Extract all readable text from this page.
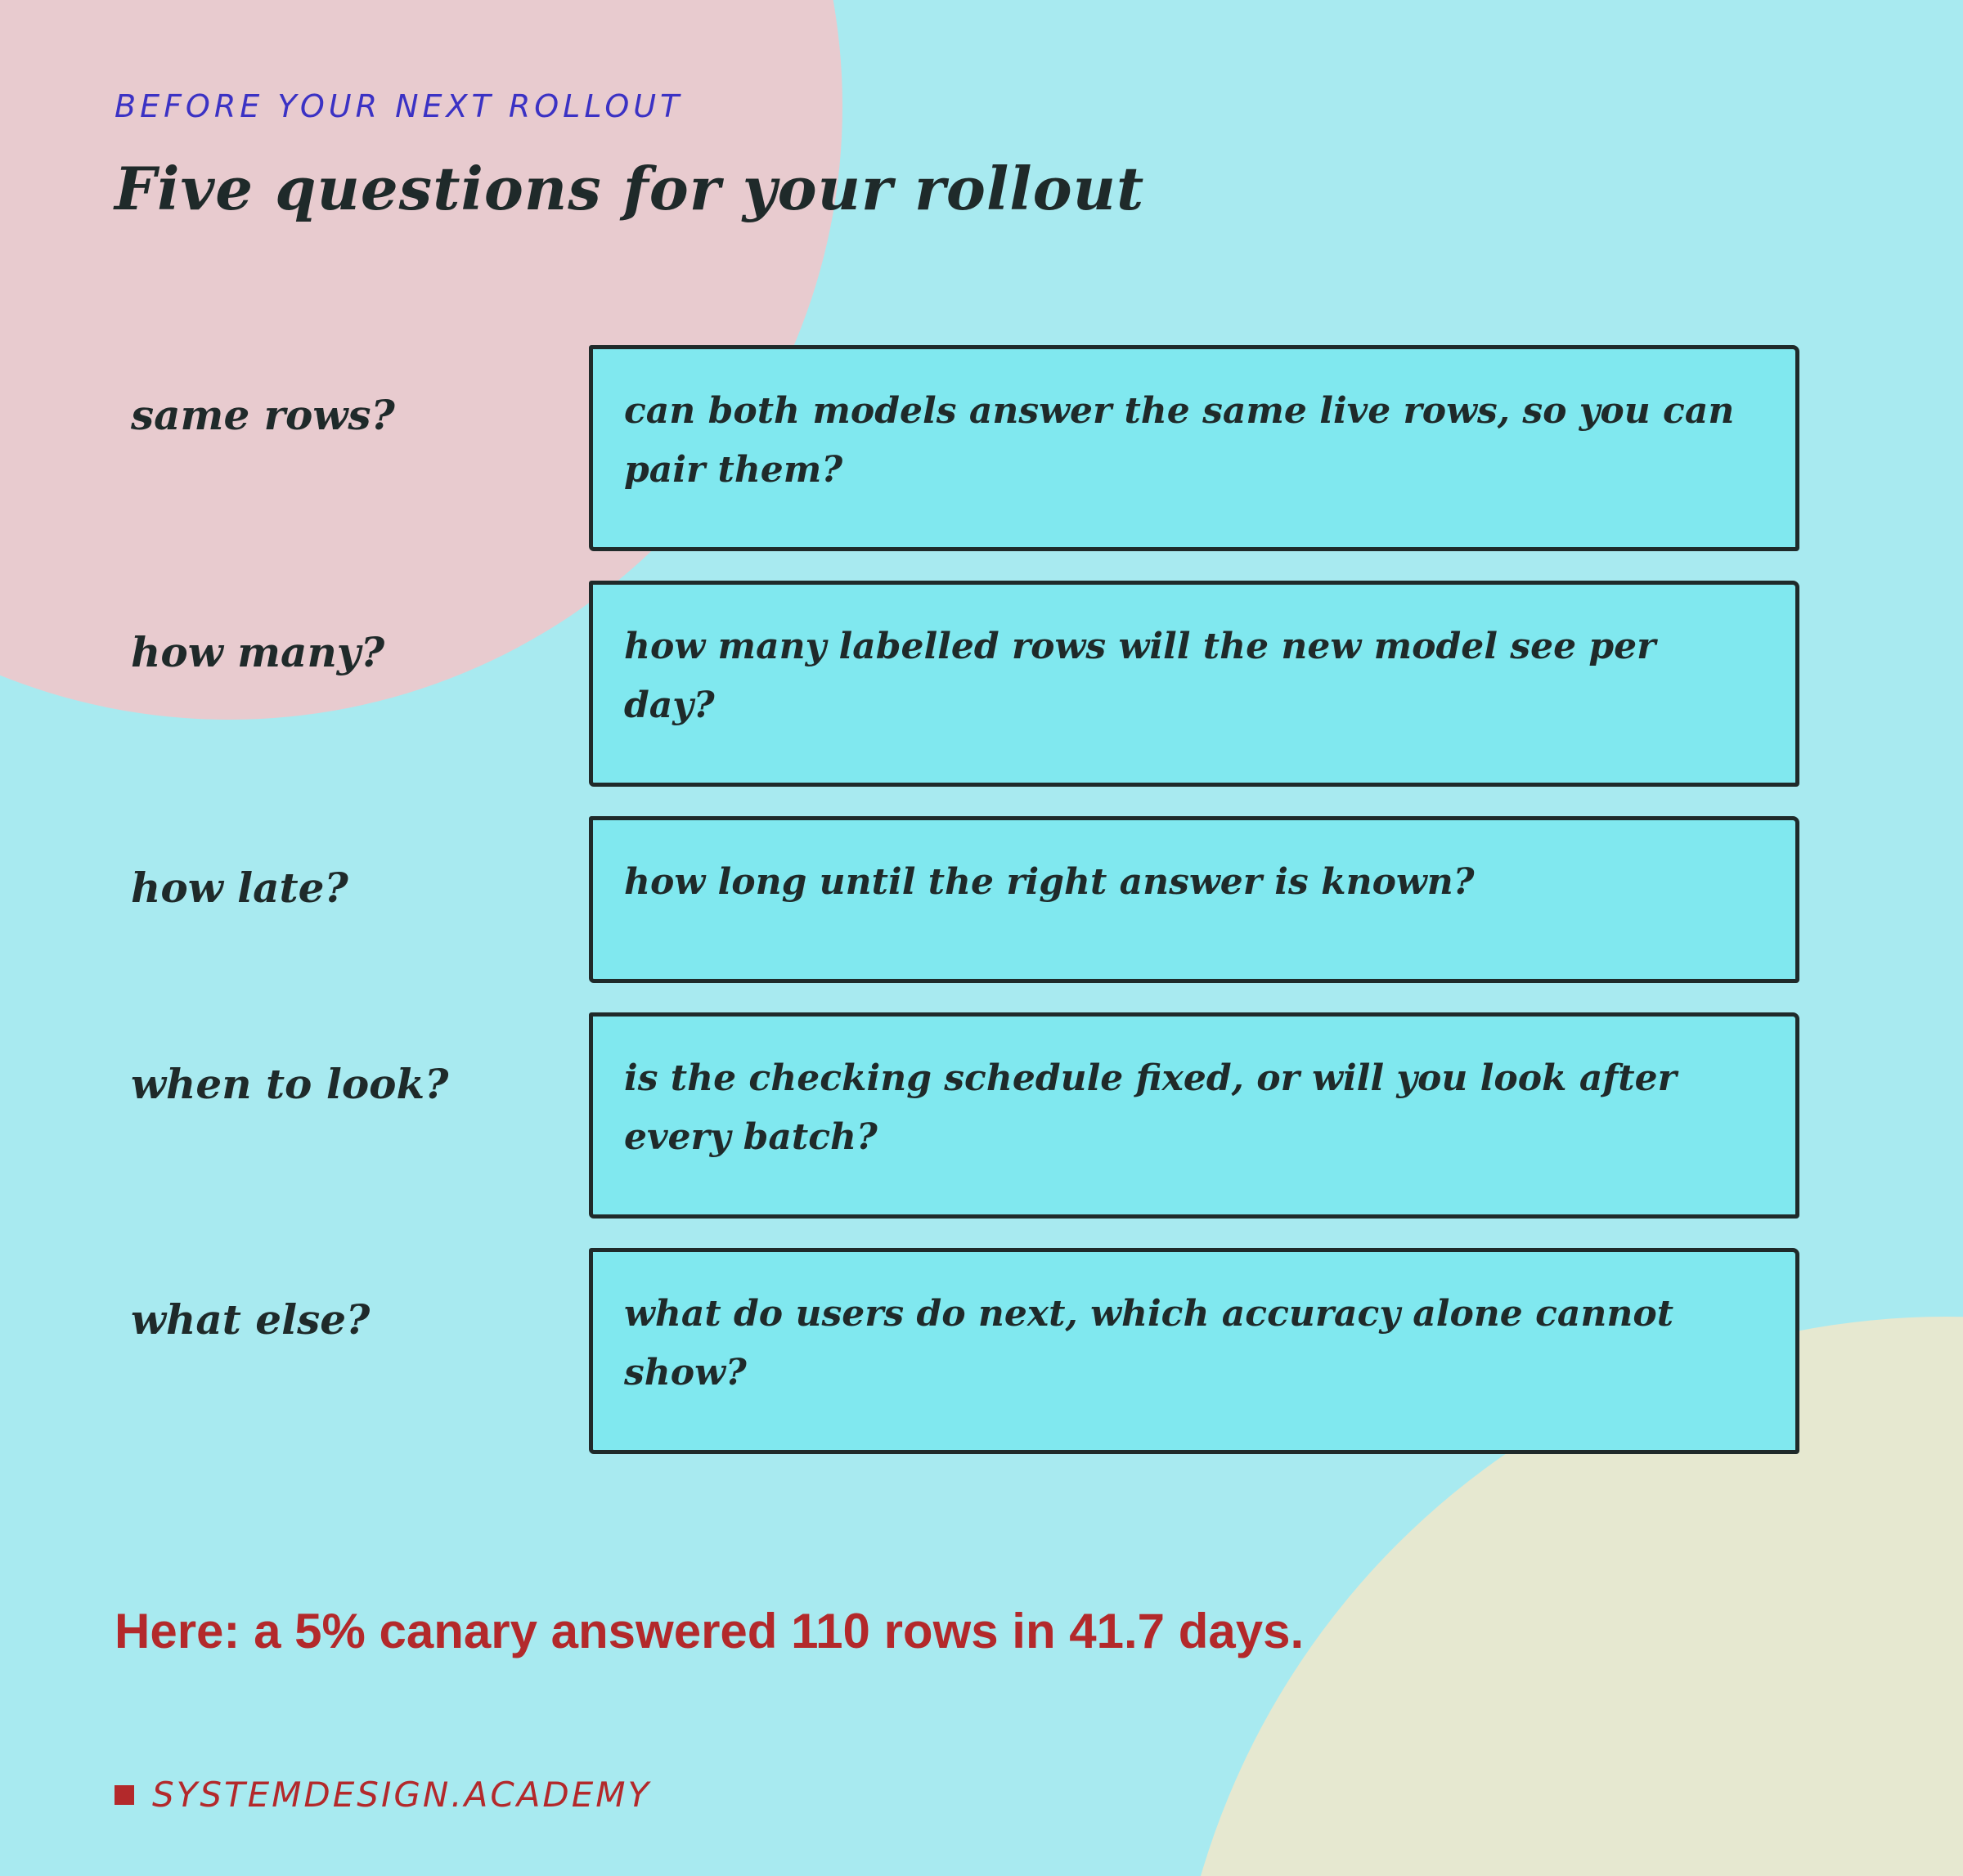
BEFORE YOUR NEXT ROLLOUT
Five questions for your rollout
same rows?	can both models answer the same live rows, so you can pair them?
how many?	how many labelled rows will the new model see per day?
how late?	how long until the right answer is known?
when to look?	is the checking schedule fixed, or will you look after every batch?
what else?	what do users do next, which accuracy alone cannot show?
Here: a 5% canary answered 110 rows in 41.7 days.
SYSTEMDESIGN.ACADEMY
